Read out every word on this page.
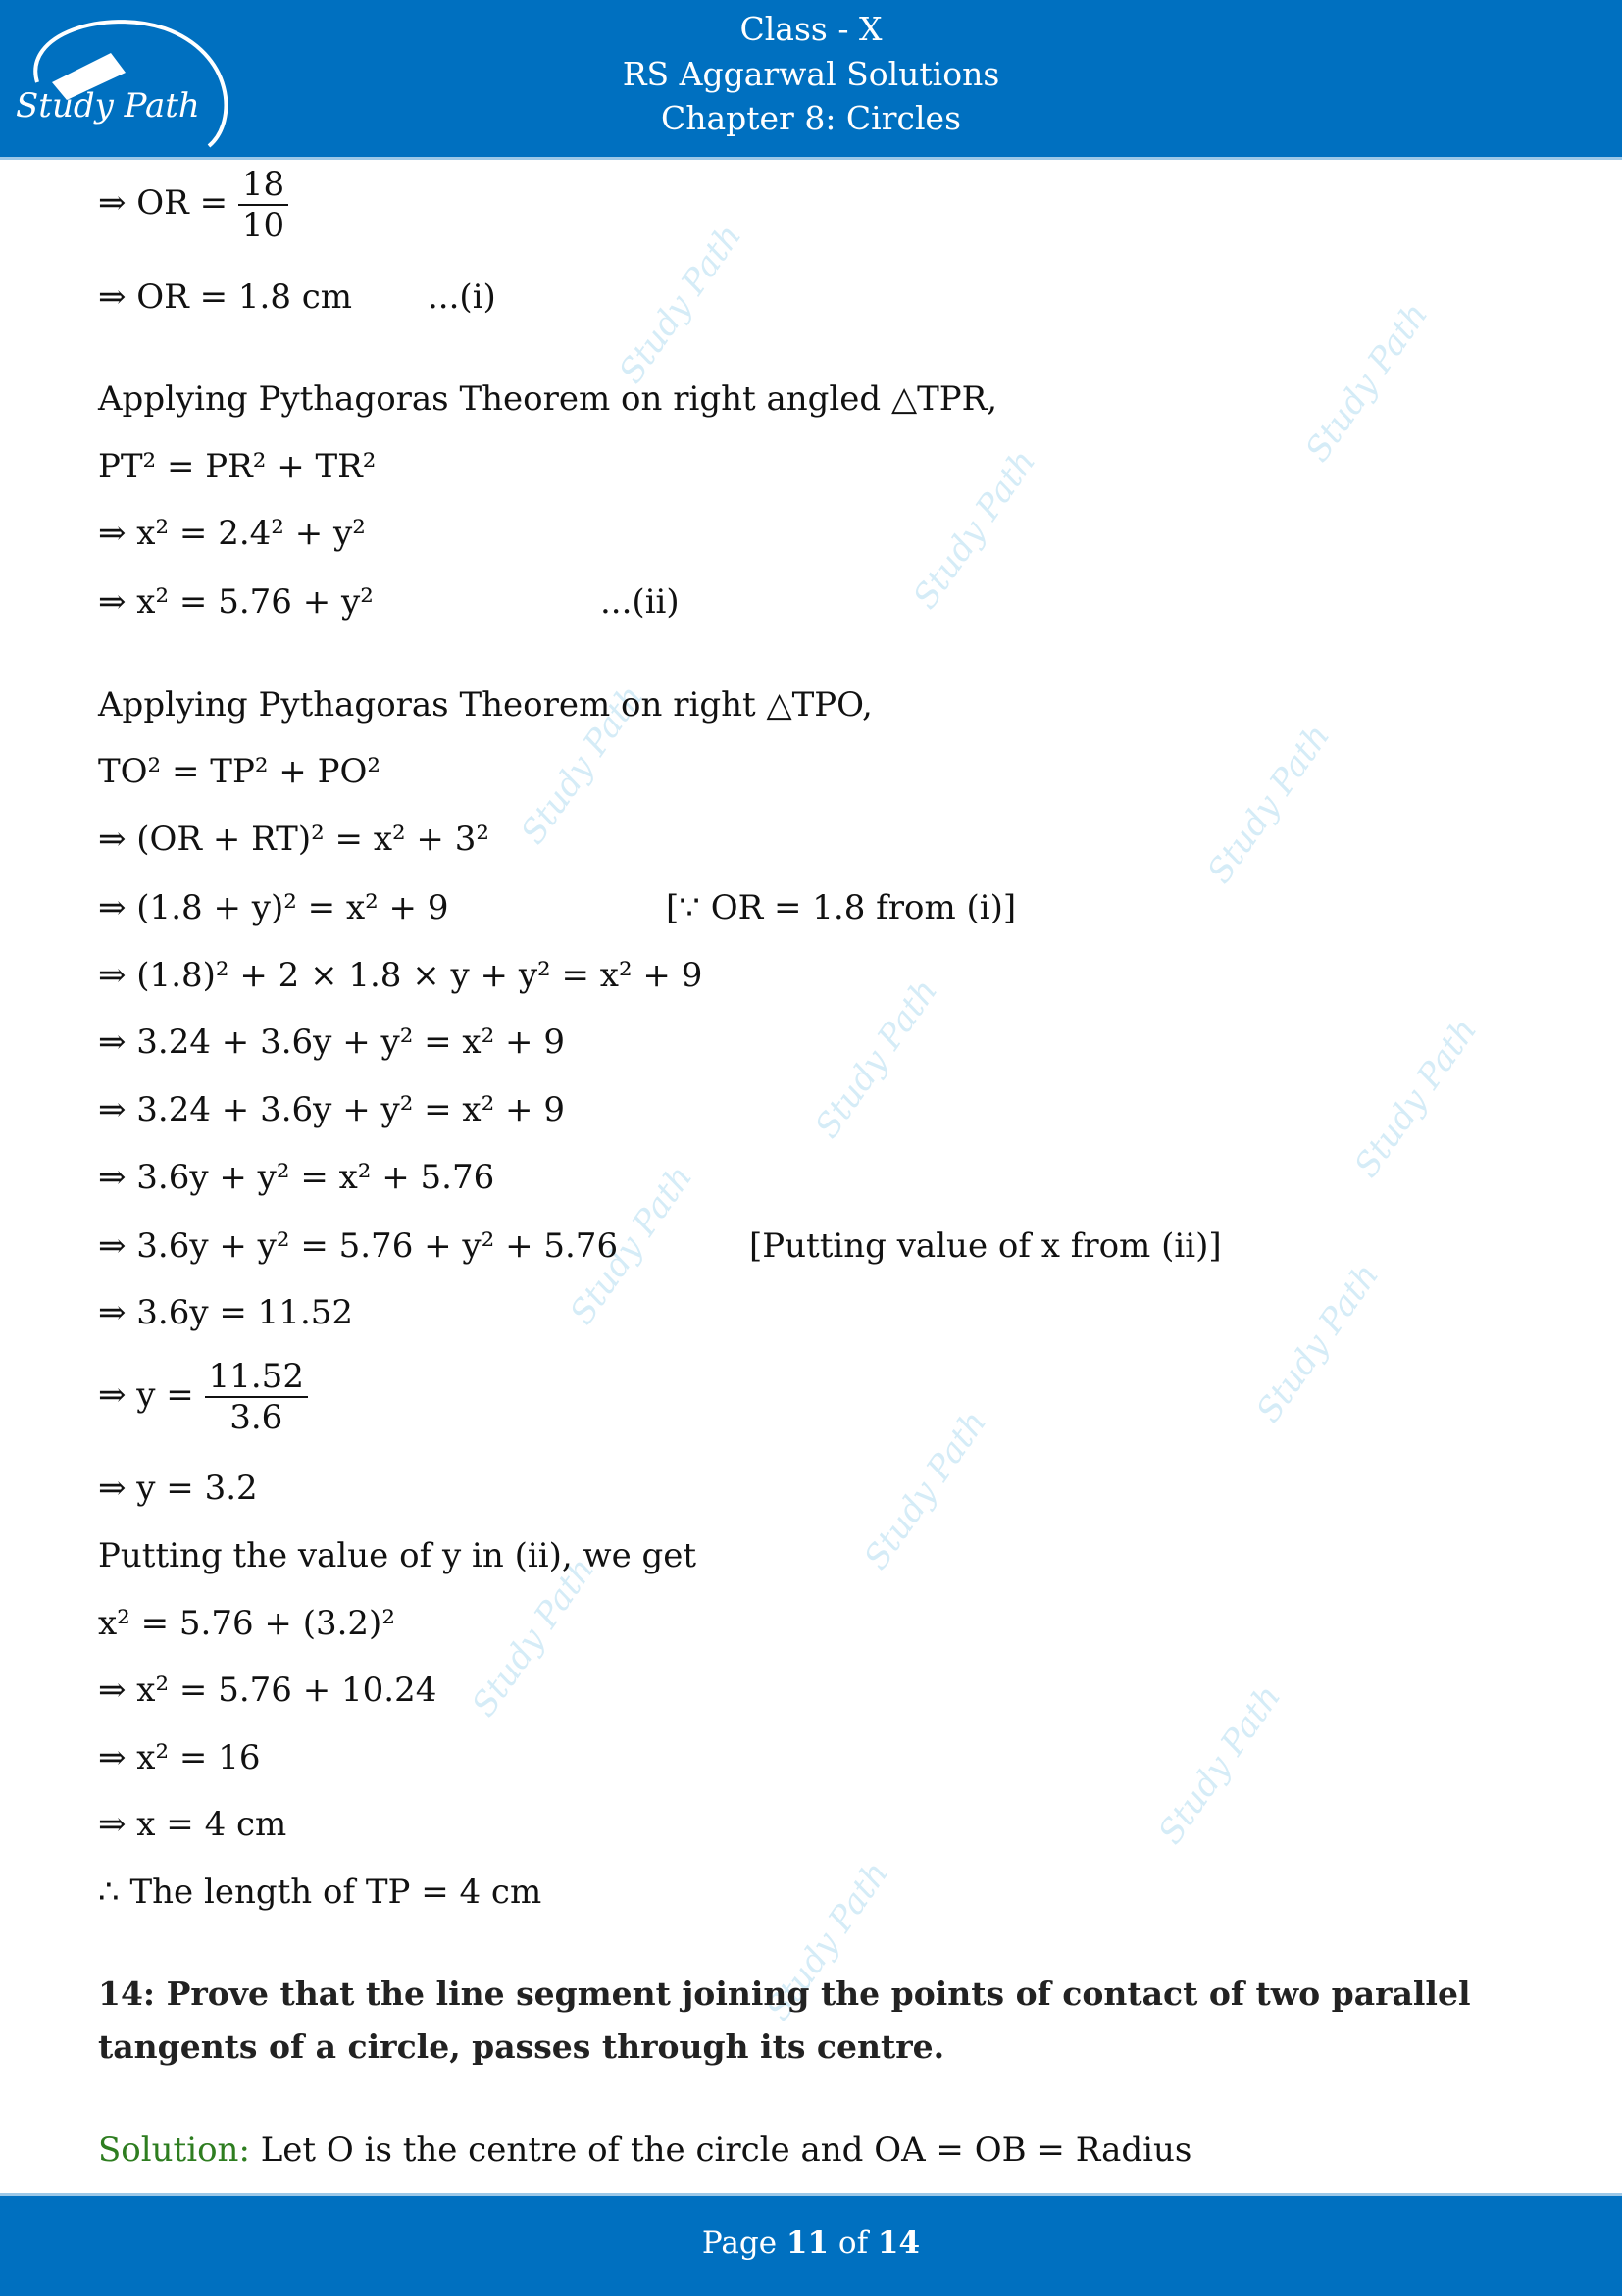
Study Path
Class - X
RS Aggarwal Solutions
Chapter 8: Circles
Study Path	Study Path
Study Path
Study Path	Study Path
Study Path	Study Path
Study Path
Study Path
Study Path
Study Path
Study Path
Study Path
⇒ OR = $\frac{18}{10}$
⇒ OR = 1.8 cm ...(i)
Applying Pythagoras Theorem on right angled △TPR,
PT² = PR² + TR²
⇒ x² = 2.4² + y²
⇒ x² = 5.76 + y²	...(ii)
Applying Pythagoras Theorem on right △TPO,
TO² = TP² + PO²
⇒ (OR + RT)² = x² + 3²
⇒ (1.8 + y)² = x² + 9	[∵ OR = 1.8 from (i)]
⇒ (1.8)² + 2 × 1.8 × y + y² = x² + 9
⇒ 3.24 + 3.6y + y² = x² + 9
⇒ 3.24 + 3.6y + y² = x² + 9
⇒ 3.6y + y² = x² + 5.76
⇒ 3.6y + y² = 5.76 + y² + 5.76	[Putting value of x from (ii)]
⇒ 3.6y = 11.52
⇒ $y = \frac{11.52}{3.6}$
⇒ y = 3.2
Putting the value of y in (ii), we get
x² = 5.76 + (3.2)²
⇒ x² = 5.76 + 10.24
⇒ x² = 16
⇒ x = 4 cm
∴ The length of TP = 4 cm
14: Prove that the line segment joining the points of contact of two parallel tangents of a circle, passes through its centre.
Solution: Let O is the centre of the circle and OA = OB = Radius
Page 11 of 14
